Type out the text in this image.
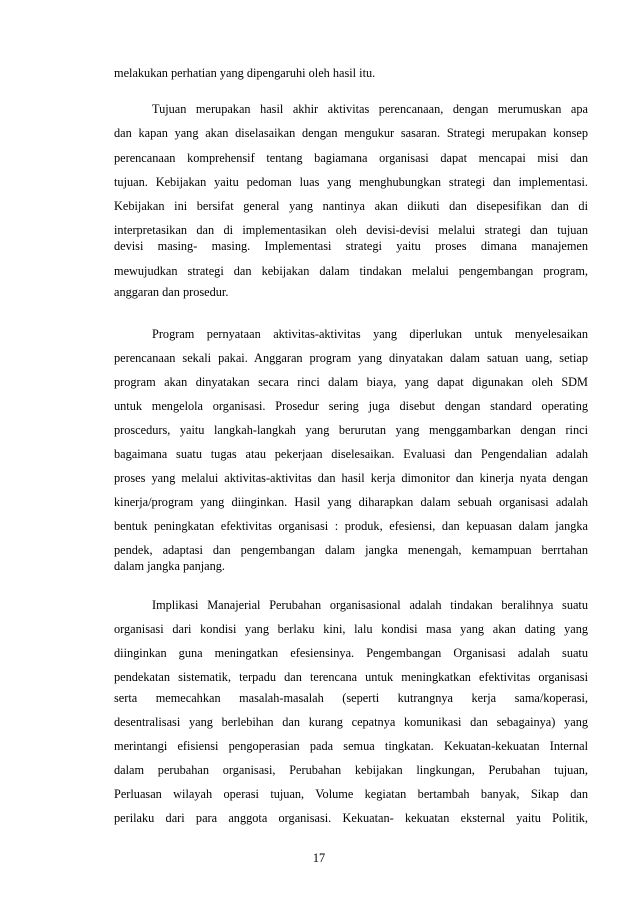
melakukan perhatian yang dipengaruhi oleh hasil itu.
Tujuan merupakan hasil akhir aktivitas perencanaan, dengan merumuskan apa
dan kapan yang akan diselasaikan dengan mengukur sasaran. Strategi merupakan konsep
perencanaan komprehensif tentang bagiamana organisasi dapat mencapai misi dan
tujuan. Kebijakan yaitu pedoman luas yang menghubungkan strategi dan implementasi.
Kebijakan ini bersifat general yang nantinya akan diikuti dan disepesifikan dan di
interpretasikan dan di implementasikan oleh devisi-devisi melalui strategi dan tujuan
devisi masing- masing. Implementasi strategi yaitu proses dimana manajemen
mewujudkan strategi dan kebijakan dalam tindakan melalui pengembangan program,
anggaran dan prosedur.
Program pernyataan aktivitas-aktivitas yang diperlukan untuk menyelesaikan
perencanaan sekali pakai. Anggaran program yang dinyatakan dalam satuan uang, setiap
program akan dinyatakan secara rinci dalam biaya, yang dapat digunakan oleh SDM
untuk mengelola organisasi. Prosedur sering juga disebut dengan standard operating
proscedurs, yaitu langkah-langkah yang berurutan yang menggambarkan dengan rinci
bagaimana suatu tugas atau pekerjaan diselesaikan. Evaluasi dan Pengendalian adalah
proses yang melalui aktivitas-aktivitas dan hasil kerja dimonitor dan kinerja nyata dengan
kinerja/program yang diinginkan. Hasil yang diharapkan dalam sebuah organisasi adalah
bentuk peningkatan efektivitas organisasi : produk, efesiensi, dan kepuasan dalam jangka
pendek, adaptasi dan pengembangan dalam jangka menengah, kemampuan berrtahan
dalam jangka panjang.
Implikasi Manajerial Perubahan organisasional adalah tindakan beralihnya suatu
organisasi dari kondisi yang berlaku kini, lalu kondisi masa yang akan dating yang
diinginkan guna meningatkan efesiensinya. Pengembangan Organisasi adalah suatu
pendekatan sistematik, terpadu dan terencana untuk meningkatkan efektivitas organisasi
serta memecahkan masalah-masalah (seperti kutrangnya kerja sama/koperasi,
desentralisasi yang berlebihan dan kurang cepatnya komunikasi dan sebagainya) yang
merintangi efisiensi pengoperasian pada semua tingkatan. Kekuatan-kekuatan Internal
dalam perubahan organisasi, Perubahan kebijakan lingkungan, Perubahan tujuan,
Perluasan wilayah operasi tujuan, Volume kegiatan bertambah banyak, Sikap dan
perilaku dari para anggota organisasi. Kekuatan- kekuatan eksternal yaitu Politik,
17
